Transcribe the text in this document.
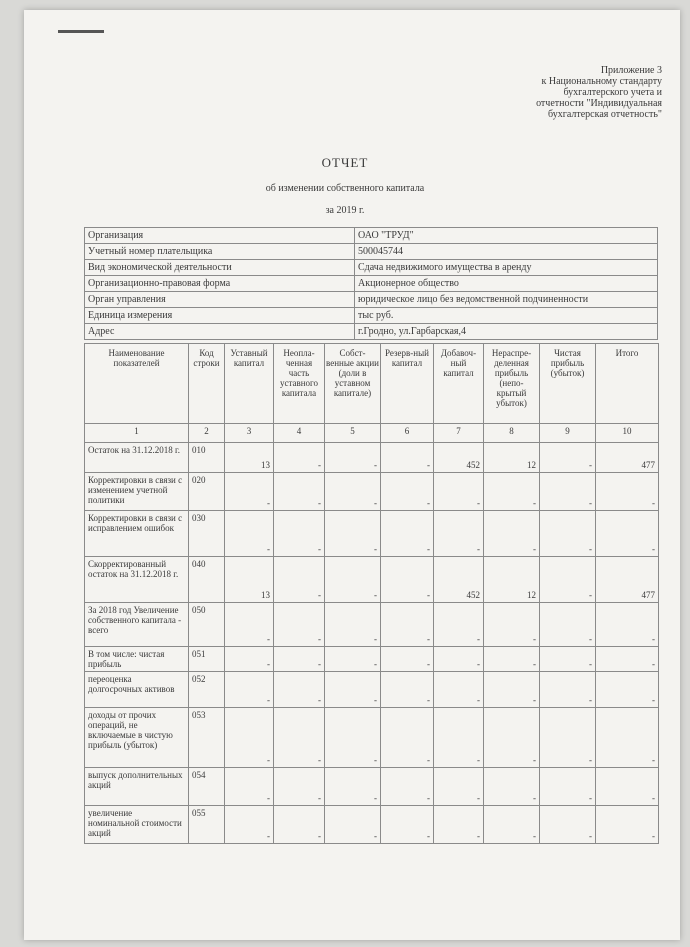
Приложение 3
к Национальному стандарту
бухгалтерского учета и
отчетности "Индивидуальная
бухгалтерская отчетность"
ОТЧЕТ
об изменении собственного капитала
за 2019 г.
Организация	ОАО "ТРУД"
Учетный номер плательщика	500045744
Вид экономической деятельности	Сдача недвижимого имущества в аренду
Организационно-правовая форма	Акционерное общество
Орган управления	юридическое лицо без ведомственной подчиненности
Единица измерения	тыс руб.
Адрес	г.Гродно, ул.Гарбарская,4
Наименование показателей	Код строки	Уставный капитал	Неопла-ченная часть уставного капитала	Собст-венные акции (доли в уставном капитале)	Резерв-ный капитал	Добавоч-ный капитал	Нераспре-деленная прибыль (непо-крытый убыток)	Чистая прибыль (убыток)	Итого
1	2	3	4	5	6	7	8	9	10
Остаток на 31.12.2018 г.	010	13	-	-	-	452	12	-	477
Корректировки в связи с изменением учетной политики	020	-	-	-	-	-	-	-	-
Корректировки в связи с исправлением ошибок	030	-	-	-	-	-	-	-	-
Скорректированный остаток на 31.12.2018 г.	040	13	-	-	-	452	12	-	477
За 2018 год Увеличение собственного капитала - всего	050	-	-	-	-	-	-	-	-
В том числе: чистая прибыль	051	-	-	-	-	-	-	-	-
переоценка долгосрочных активов	052	-	-	-	-	-	-	-	-
доходы от прочих операций, не включаемые в чистую прибыль (убыток)	053	-	-	-	-	-	-	-	-
выпуск дополнительных акций	054	-	-	-	-	-	-	-	-
увеличение номинальной стоимости акций	055	-	-	-	-	-	-	-	-
